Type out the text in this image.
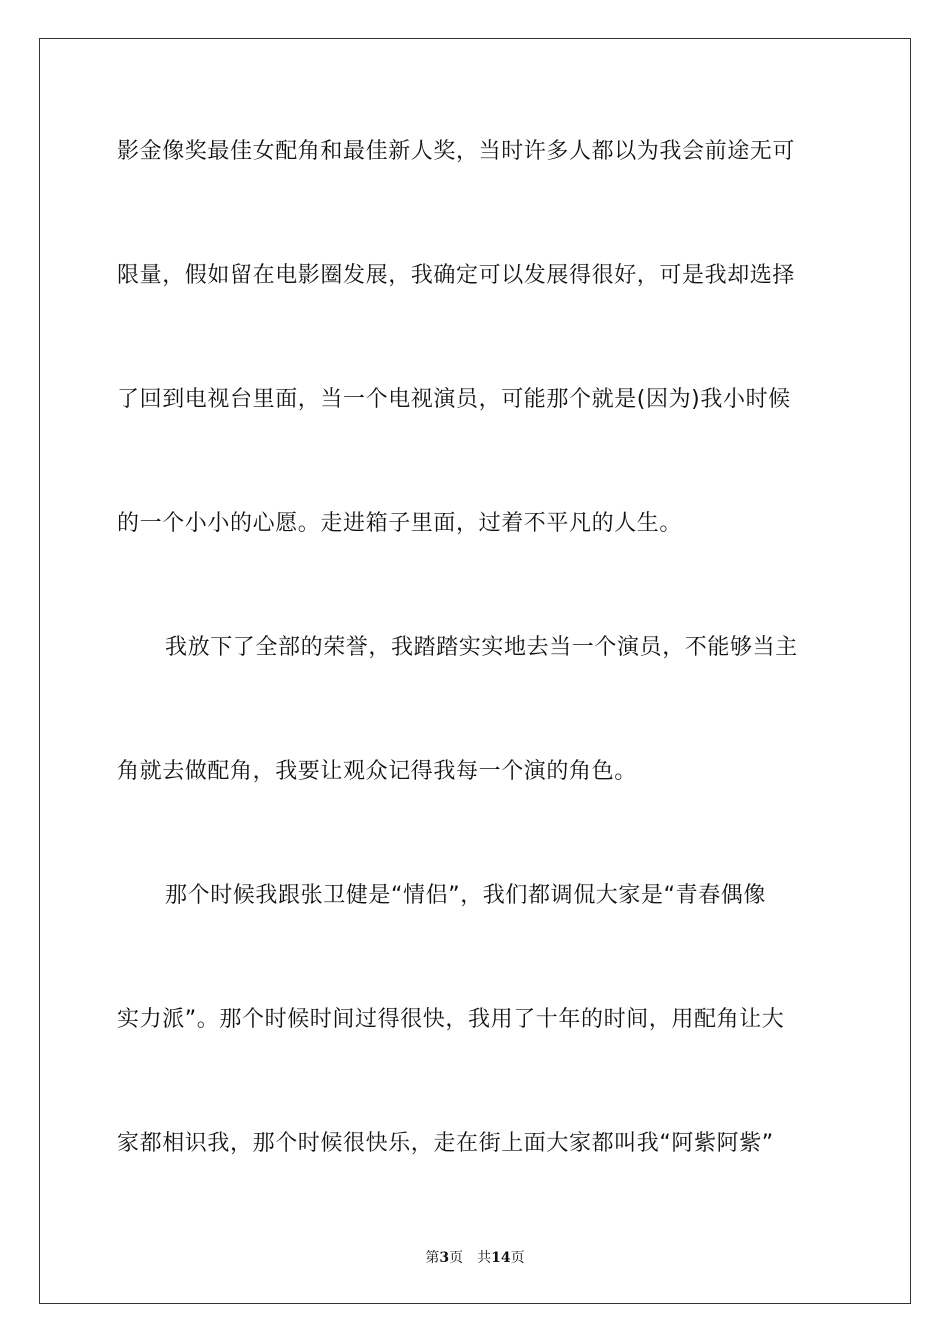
影金像奖最佳女配角和最佳新人奖，当时许多人都以为我会前途无可
限量，假如留在电影圈发展，我确定可以发展得很好，可是我却选择
了回到电视台里面，当一个电视演员，可能那个就是(因为)我小时候
的一个小小的心愿。走进箱子里面，过着不平凡的人生。
我放下了全部的荣誉，我踏踏实实地去当一个演员，不能够当主
角就去做配角，我要让观众记得我每一个演的角色。
那个时候我跟张卫健是“情侣”，我们都调侃大家是“青春偶像
实力派”。那个时候时间过得很快，我用了十年的时间，用配角让大
家都相识我，那个时候很快乐，走在街上面大家都叫我“阿紫阿紫”
第3页 共14页
